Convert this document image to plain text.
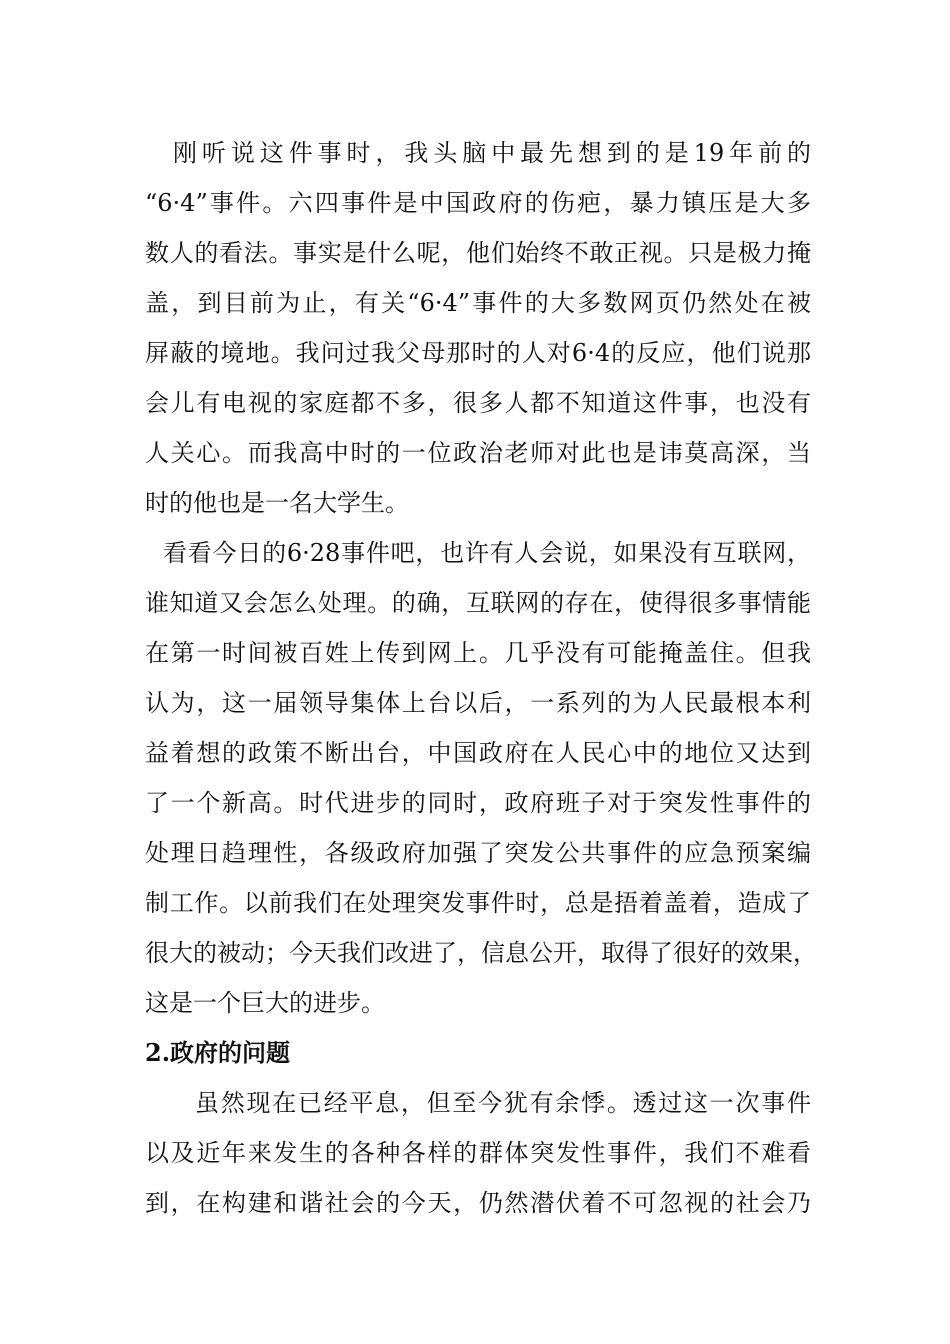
刚听说这件事时，我头脑中最先想到的是19年前的
“6·4”事件。六四事件是中国政府的伤疤，暴力镇压是大多
数人的看法。事实是什么呢，他们始终不敢正视。只是极力掩
盖，到目前为止，有关“6·4”事件的大多数网页仍然处在被
屏蔽的境地。我问过我父母那时的人对6·4的反应，他们说那
会儿有电视的家庭都不多，很多人都不知道这件事，也没有
人关心。而我高中时的一位政治老师对此也是讳莫高深，当
时的他也是一名大学生。
看看今日的6·28事件吧，也许有人会说，如果没有互联网，
谁知道又会怎么处理。的确，互联网的存在，使得很多事情能
在第一时间被百姓上传到网上。几乎没有可能掩盖住。但我
认为，这一届领导集体上台以后，一系列的为人民最根本利
益着想的政策不断出台，中国政府在人民心中的地位又达到
了一个新高。时代进步的同时，政府班子对于突发性事件的
处理日趋理性，各级政府加强了突发公共事件的应急预案编
制工作。以前我们在处理突发事件时，总是捂着盖着，造成了
很大的被动；今天我们改进了，信息公开，取得了很好的效果，
这是一个巨大的进步。
2.政府的问题
虽然现在已经平息，但至今犹有余悸。透过这一次事件
以及近年来发生的各种各样的群体突发性事件，我们不难看
到，在构建和谐社会的今天，仍然潜伏着不可忽视的社会乃
